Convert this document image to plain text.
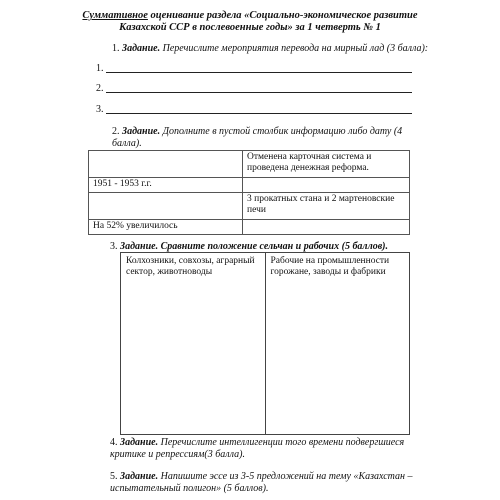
Суммативное оценивание раздела «Социально-экономическое развитие
Казахской ССР в послевоенные годы» за 1 четверть № 1
1. Задание. Перечислите мероприятия перевода на мирный лад (3 балла):
1.
2.
3.
2. Задание. Дополните в пустой столбик информацию либо дату (4 балла).
	Отменена карточная система и проведена денежная реформа.
1951 - 1953 г.г.	
	3 прокатных стана и 2 мартеновские печи
На 52% увеличилось	
3. Задание. Сравните положение сельчан и рабочих (5 баллов).
Колхозники, совхозы, аграрный сектор, животноводы	Рабочие на промышленности горожане, заводы и фабрики
4. Задание. Перечислите интеллигенции того времени подвергшиеся критике и репрессиям(3 балла).
5. Задание. Напишите эссе из 3-5 предложений на тему «Казахстан – испытательный полигон» (5 баллов).
